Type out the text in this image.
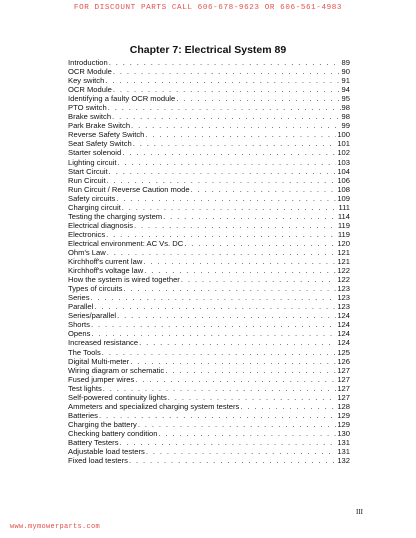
FOR DISCOUNT PARTS CALL 606-678-9623 OR 606-561-4983
Chapter 7: Electrical System 89
Introduction . . .	89
OCR Module . . .	90
Key switch . . .	91
OCR Module . . .	94
Identifying a faulty OCR module . . .	95
PTO switch . . .	98
Brake switch . . .	98
Park Brake Switch . . .	99
Reverse Safety Switch . . .	100
Seat Safety Switch . . .	101
Starter solenoid . . .	102
Lighting circuit . . .	103
Start Circuit . . .	104
Run Circuit . . .	106
Run Circuit / Reverse Caution mode . . .	108
Safety circuits . . .	109
Charging circuit . . .	111
Testing the charging system . . .	114
Electrical diagnosis . . .	119
Electronics . . .	119
Electrical environment: AC Vs. DC . . .	120
Ohm's Law . . .	121
Kirchhoff's current law . . .	121
Kirchhoff's voltage law . . .	122
How the system is wired together . . .	122
Types of circuits . . .	123
Series . . .	123
Parallel . . .	123
Series/parallel . . .	124
Shorts . . .	124
Opens . . .	124
Increased resistance . . .	124
The Tools . . .	125
Digital Multi-meter . . .	126
Wiring diagram or schematic . . .	127
Fused jumper wires . . .	127
Test lights . . .	127
Self-powered continuity lights . . .	127
Ammeters and specialized charging system testers . . .	128
Batteries . . .	129
Charging the battery . . .	129
Checking battery condition . . .	130
Battery Testers . . .	131
Adjustable load testers . . .	131
Fixed load testers . . .	132
III
www.mymowerparts.com
